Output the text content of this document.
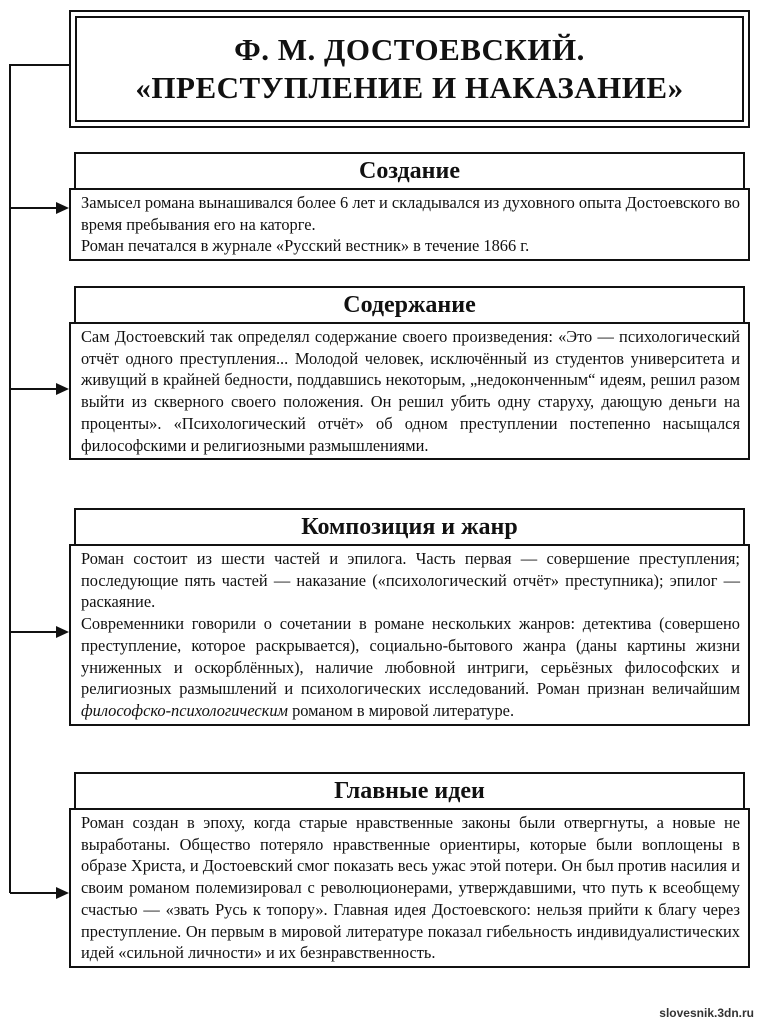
Ф. М. ДОСТОЕВСКИЙ.
«ПРЕСТУПЛЕНИЕ И НАКАЗАНИЕ»
Создание

Замысел романа вынашивался более 6 лет и складывался из духовного опыта Достоевского во время пребывания его на каторге.

Роман печатался в журнале «Русский вестник» в течение 1866 г.

Содержание

Сам Достоевский так определял содержание своего произведения: «Это — психологический отчёт одного преступления... Молодой человек, исключённый из студентов университета и живущий в крайней бедности, поддавшись некоторым, „недоконченным“ идеям, решил разом выйти из скверного своего положения. Он решил убить одну старуху, дающую деньги на проценты». «Психологический отчёт» об одном преступлении постепенно насыщался философскими и религиозными размышлениями.

Композиция и жанр

Роман состоит из шести частей и эпилога. Часть первая — совершение преступления; последующие пять частей — наказание («психологический отчёт» преступника); эпилог — раскаяние.

Современники говорили о сочетании в романе нескольких жанров: детектива (совершено преступление, которое раскрывается), социально-бытового жанра (даны картины жизни униженных и оскорблённых), наличие любовной интриги, серьёзных философских и религиозных размышлений и психологических исследований. Роман признан величайшим философско-психологическим романом в мировой литературе.

Главные идеи

Роман создан в эпоху, когда старые нравственные законы были отвергнуты, а новые не выработаны. Общество потеряло нравственные ориентиры, которые были воплощены в образе Христа, и Достоевский смог показать весь ужас этой потери. Он был против насилия и своим романом полемизировал с революционерами, утверждавшими, что путь к всеобщему счастью — «звать Русь к топору». Главная идея Достоевского: нельзя прийти к благу через преступление. Он первым в мировой литературе показал гибельность индивидуалистических идей «сильной личности» и их безнравственность.

slovesnik.3dn.ru
